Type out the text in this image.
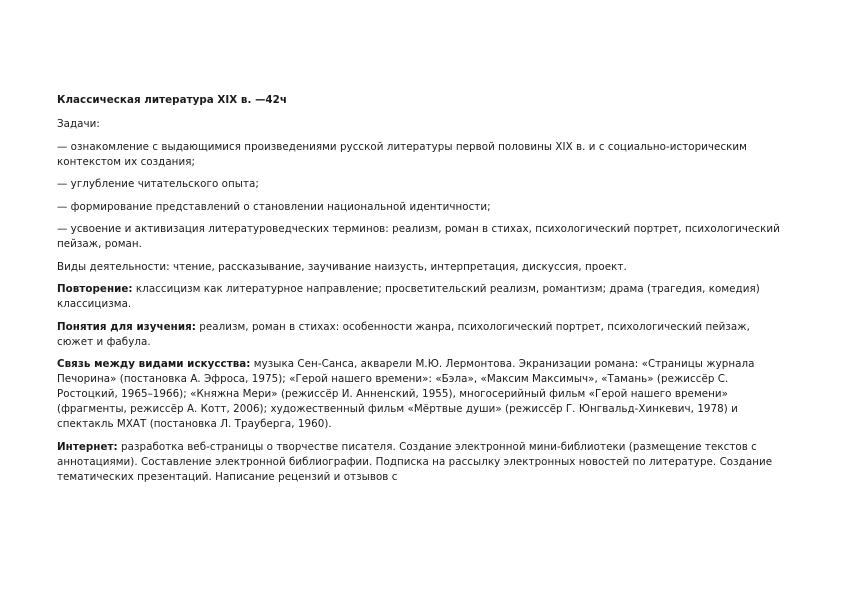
Классическая литература XIX в. —42ч

Задачи:

— ознакомление с выдающимися произведениями русской литературы первой половины XIX в. и с социально-историческим контекстом их создания;

— углубление читательского опыта;

— формирование представлений о становлении национальной идентичности;

— усвоение и активизация литературоведческих терминов: реализм, роман в стихах, психологический портрет, психологический пейзаж, роман.

Виды деятельности: чтение, рассказывание, заучивание наизусть, интерпретация, дискуссия, проект.

Повторение: классицизм как литературное направление; просветительский реализм, романтизм; драма (трагедия, комедия) классицизма.

Понятия для изучения: реализм, роман в стихах: особенности жанра, психологический портрет, психологический пейзаж, сюжет и фабула.

Связь между видами искусства: музыка Сен-Санса, акварели М.Ю. Лермонтова. Экранизации романа: «Страницы журнала Печорина» (постановка А. Эфроса, 1975); «Герой нашего времени»: «Бэла», «Максим Максимыч», «Тамань» (режиссёр С. Ростоцкий, 1965–1966); «Княжна Мери» (режиссёр И. Анненский, 1955), многосерийный фильм «Герой нашего времени» (фрагменты, режиссёр А. Котт, 2006); художественный фильм «Мёртвые души» (режиссёр Г. Юнгвальд-Хинкевич, 1978) и спектакль МХАТ (постановка Л. Трауберга, 1960).

Интернет: разработка веб-страницы о творчестве писателя. Создание электронной мини-библиотеки (размещение текстов с аннотациями). Составление электронной библиографии. Подписка на рассылку электронных новостей по литературе. Создание тематических презентаций. Написание рецензий и отзывов с
